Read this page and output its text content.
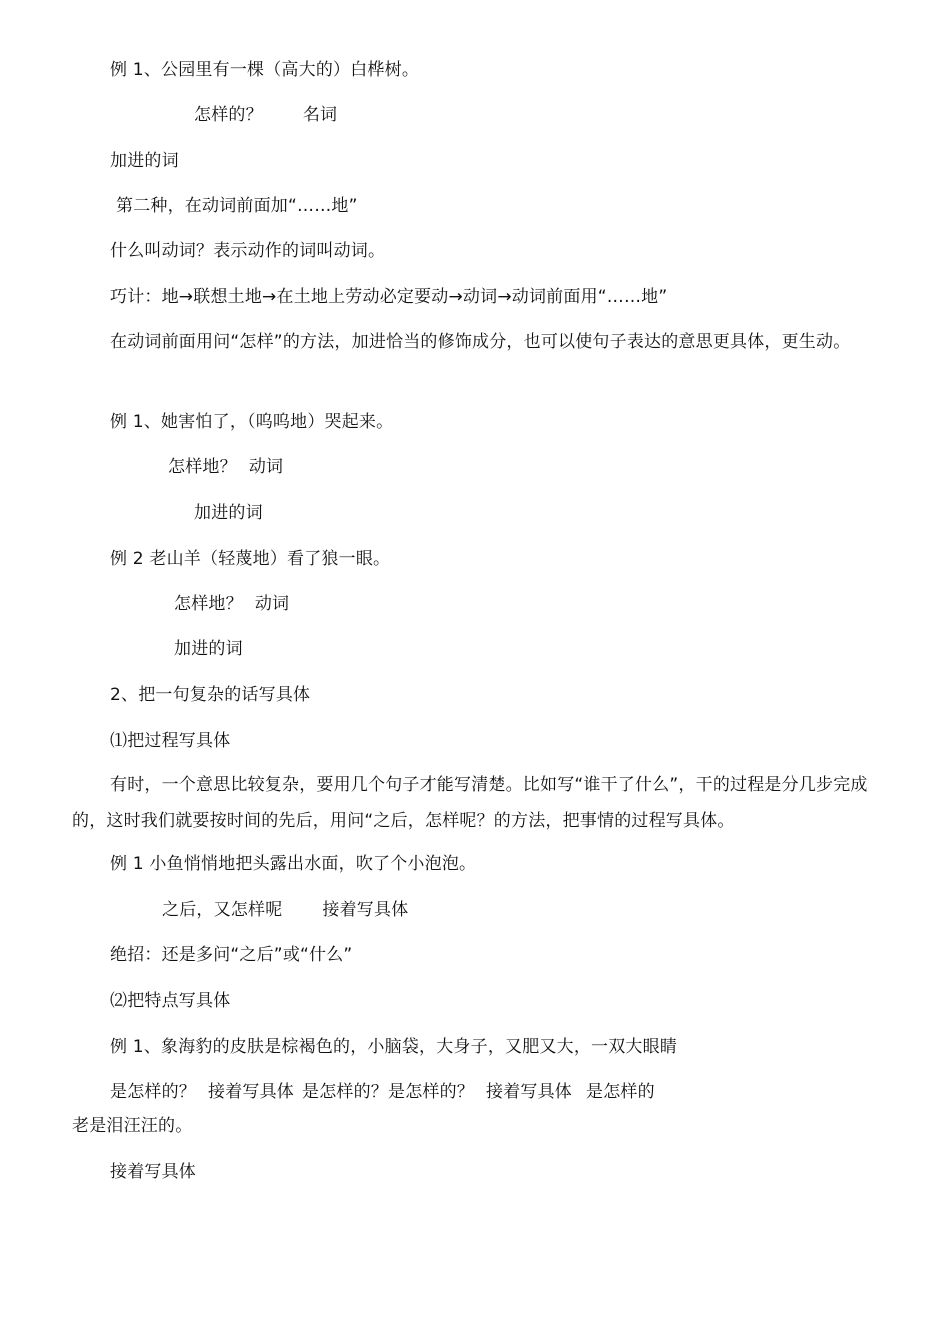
例 1、公园里有一棵（高大的）白桦树。
怎样的？ 名词
加进的词
第二种，在动词前面加“……地”
什么叫动词？表示动作的词叫动词。
巧计：地→联想土地→在土地上劳动必定要动→动词→动词前面用“……地”
在动词前面用问“怎样”的方法，加进恰当的修饰成分，也可以使句子表达的意思更具体，更生动。
例 1、她害怕了，（呜呜地）哭起来。
怎样地？ 动词
加进的词
例 2 老山羊（轻蔑地）看了狼一眼。
怎样地？ 动词
加进的词
2、把一句复杂的话写具体
⑴把过程写具体
有时，一个意思比较复杂，要用几个句子才能写清楚。比如写“谁干了什么”，干的过程是分几步完成的，这时我们就要按时间的先后，用问“之后，怎样呢？的方法，把事情的过程写具体。
例 1 小鱼悄悄地把头露出水面，吹了个小泡泡。
之后，又怎样呢 接着写具体
绝招：还是多问“之后”或“什么”
⑵把特点写具体
例 1、象海豹的皮肤是棕褐色的，小脑袋，大身子，又肥又大，一双大眼睛
是怎样的？ 接着写具体 是怎样的？是怎样的？ 接着写具体 是怎样的
老是泪汪汪的。
接着写具体
